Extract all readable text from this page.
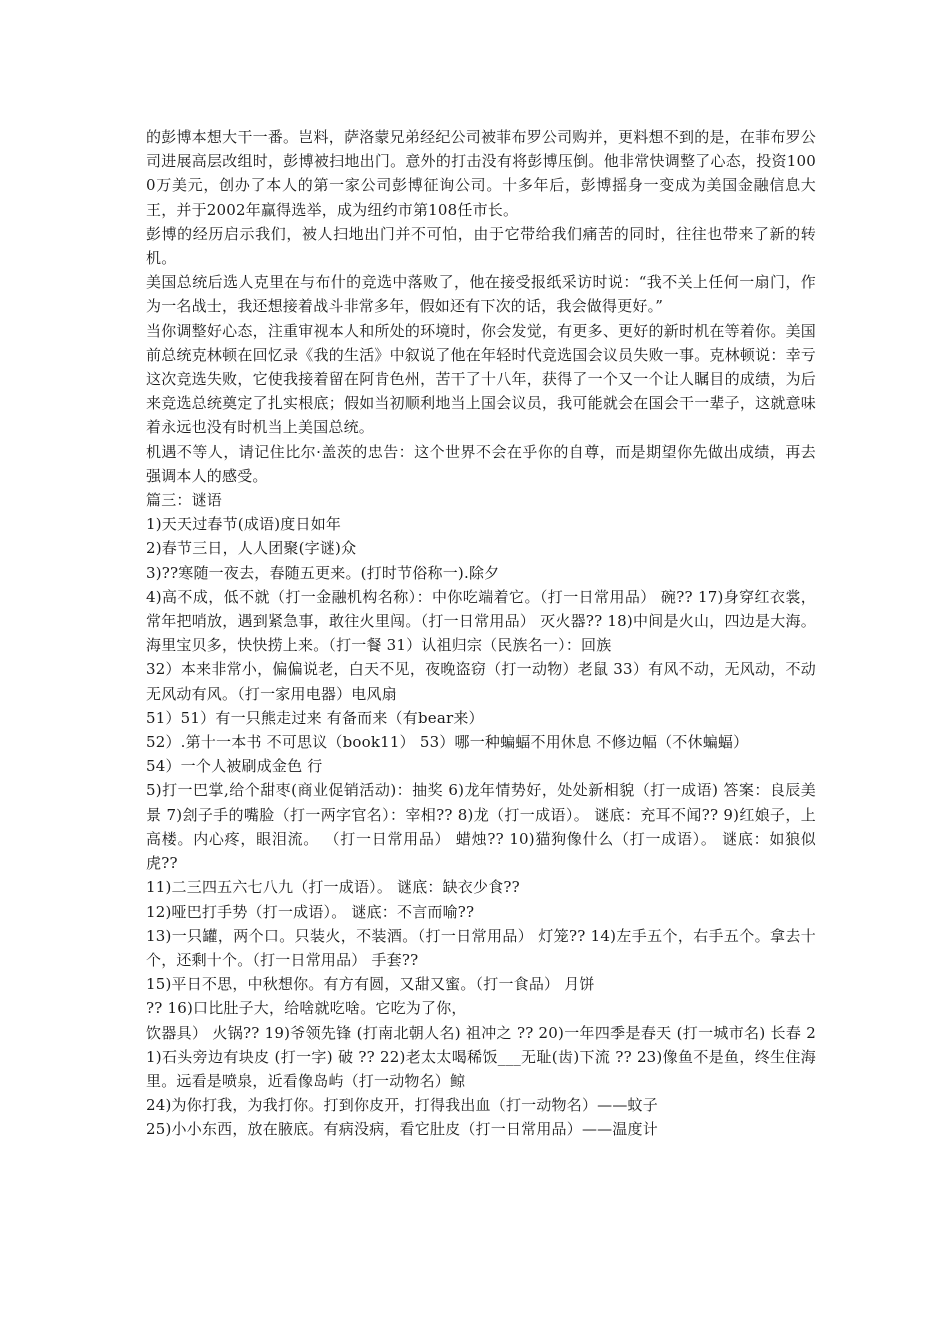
的彭博本想大干一番。岂料，萨洛蒙兄弟经纪公司被菲布罗公司购并，更料想不到的是，在菲布罗公司进展高层改组时，彭博被扫地出门。意外的打击没有将彭博压倒。他非常快调整了心态，投资1000万美元，创办了本人的第一家公司彭博征询公司。十多年后，彭博摇身一变成为美国金融信息大王，并于2002年赢得选举，成为纽约市第108任市长。

彭博的经历启示我们，被人扫地出门并不可怕，由于它带给我们痛苦的同时，往往也带来了新的转机。

美国总统后选人克里在与布什的竞选中落败了，他在接受报纸采访时说：“我不关上任何一扇门，作为一名战士，我还想接着战斗非常多年，假如还有下次的话，我会做得更好。”

当你调整好心态，注重审视本人和所处的环境时，你会发觉，有更多、更好的新时机在等着你。美国前总统克林顿在回忆录《我的生活》中叙说了他在年轻时代竞选国会议员失败一事。克林顿说：幸亏这次竞选失败，它使我接着留在阿肯色州，苦干了十八年，获得了一个又一个让人瞩目的成绩，为后来竞选总统奠定了扎实根底；假如当初顺利地当上国会议员，我可能就会在国会干一辈子，这就意味着永远也没有时机当上美国总统。

机遇不等人，请记住比尔·盖茨的忠告：这个世界不会在乎你的自尊，而是期望你先做出成绩，再去强调本人的感受。

篇三：谜语

1)天天过春节(成语)度日如年

2)春节三日，人人团聚(字谜)众

3)??寒随一夜去，春随五更来。(打时节俗称一).除夕

4)高不成，低不就（打一金融机构名称）：中你吃端着它。（打一日常用品） 碗?? 17)身穿红衣裳，常年把哨放，遇到紧急事，敢往火里闯。（打一日常用品） 灭火器?? 18)中间是火山，四边是大海。海里宝贝多，快快捞上来。（打一餐 31）认祖归宗（民族名一）：回族

32）本来非常小，偏偏说老，白天不见，夜晚盗窃（打一动物）老鼠 33）有风不动，无风动，不动无风动有风。（打一家用电器）电风扇

51）51）有一只熊走过来 有备而来（有bear来）

52）.第十一本书 不可思议（book11） 53）哪一种蝙蝠不用休息 不修边幅（不休蝙蝠）

54）一个人被刷成金色 行

5)打一巴掌,给个甜枣(商业促销活动)：抽奖 6)龙年情势好，处处新相貌（打一成语) 答案：良辰美景 7)刽子手的嘴脸（打一两字官名）：宰相?? 8)龙（打一成语）。 谜底：充耳不闻?? 9)红娘子，上高楼。内心疼，眼泪流。 （打一日常用品） 蜡烛?? 10)猫狗像什么（打一成语）。 谜底：如狼似虎??

11)二三四五六七八九（打一成语）。 谜底：缺衣少食??

12)哑巴打手势（打一成语）。 谜底：不言而喻??

13)一只罐，两个口。只装火，不装酒。（打一日常用品） 灯笼?? 14)左手五个，右手五个。拿去十个，还剩十个。（打一日常用品） 手套??

15)平日不思，中秋想你。有方有圆，又甜又蜜。（打一食品） 月饼

?? 16)口比肚子大，给啥就吃啥。它吃为了你，

饮器具） 火锅?? 19)爷领先锋 (打南北朝人名) 祖冲之 ?? 20)一年四季是春天 (打一城市名) 长春 21)石头旁边有块皮 (打一字) 破 ?? 22)老太太喝稀饭___无耻(齿)下流 ?? 23)像鱼不是鱼，终生住海里。远看是喷泉，近看像岛屿（打一动物名）鲸

24)为你打我，为我打你。打到你皮开，打得我出血（打一动物名）——蚊子

25)小小东西，放在腋底。有病没病，看它肚皮（打一日常用品）——温度计
